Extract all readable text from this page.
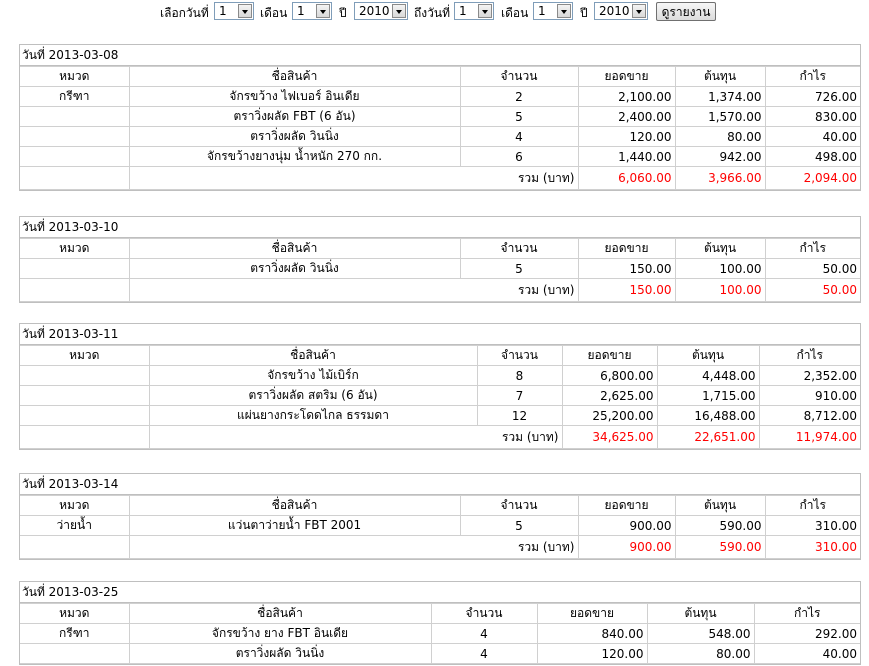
เลือกวันที่ 1	เดือน 1	ปี 2010 ถึงวันที่ 1	เดือน 1	ปี 2010	ดูรายงาน
วันที่ 2013-03-08
หมวด	ชื่อสินค้า	จำนวน	ยอดขาย	ต้นทุน	กำไร
กรีฑา	จักรขว้าง ไฟเบอร์ อินเดีย	2	2,100.00	1,374.00	726.00
	ตราวิ่งผลัด FBT (6 อัน)	5	2,400.00	1,570.00	830.00
	ตราวิ่งผลัด วินนิ่ง	4	120.00	80.00	40.00
	จักรขว้างยางนุ่ม น้ำหนัก 270 กก.	6	1,440.00	942.00	498.00
	รวม (บาท)		6,060.00	3,966.00	2,094.00
วันที่ 2013-03-10
หมวด	ชื่อสินค้า	จำนวน	ยอดขาย	ต้นทุน	กำไร
	ตราวิ่งผลัด วินนิ่ง	5	150.00	100.00	50.00
	รวม (บาท)		150.00	100.00	50.00
วันที่ 2013-03-11
หมวด	ชื่อสินค้า	จำนวน	ยอดขาย	ต้นทุน	กำไร
	จักรขว้าง ไม้เบิร์ก	8	6,800.00	4,448.00	2,352.00
	ตราวิ่งผลัด สตริม (6 อัน)	7	2,625.00	1,715.00	910.00
	แผ่นยางกระโดดไกล ธรรมดา	12	25,200.00	16,488.00	8,712.00
	รวม (บาท)		34,625.00	22,651.00	11,974.00
วันที่ 2013-03-14
หมวด	ชื่อสินค้า	จำนวน	ยอดขาย	ต้นทุน	กำไร
ว่ายน้ำ	แว่นตาว่ายน้ำ FBT 2001	5	900.00	590.00	310.00
	รวม (บาท)		900.00	590.00	310.00
วันที่ 2013-03-25
หมวด	ชื่อสินค้า	จำนวน	ยอดขาย	ต้นทุน	กำไร
กรีฑา	จักรขว้าง ยาง FBT อินเดีย	4	840.00	548.00	292.00
	ตราวิ่งผลัด วินนิ่ง	4	120.00	80.00	40.00
